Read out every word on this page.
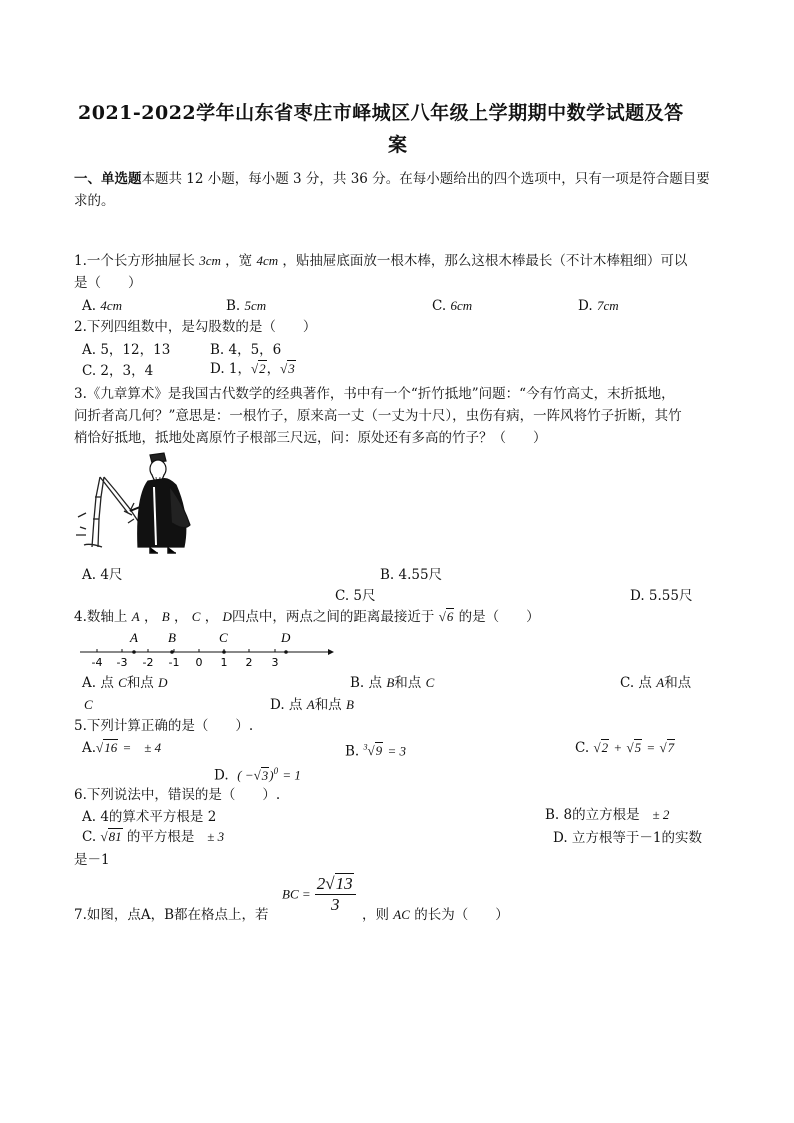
2021-2022学年山东省枣庄市峄城区八年级上学期期中数学试题及答
案
一、单选题本题共 12 小题，每小题 3 分，共 36 分。在每小题给出的四个选项中，只有一项是符合题目要
求的。
1.一个长方形抽屉长 3cm ，宽 4cm ，贴抽屉底面放一根木棒，那么这根木棒最长（不计木棒粗细）可以
是（　　）
A. 4cm	B. 5cm	C. 6cm	D. 7cm
2.下列四组数中，是勾股数的是（　　）
A. 5，12，13	B. 4，5，6
C. 2，3，4	D. 1，√2，√3
3.《九章算术》是我国古代数学的经典著作，书中有一个“折竹抵地”问题：“今有竹高丈，末折抵地，
问折者高几何？”意思是：一根竹子，原来高一丈（一丈为十尺），虫伤有病，一阵风将竹子折断，其竹
梢恰好抵地，抵地处离原竹子根部三尺远，问：原处还有多高的竹子？（　　）
A. 4尺	B. 4.55尺
C. 5尺	D. 5.55尺
4.数轴上 A ， B ， C ， D四点中，两点之间的距离最接近于 √6 的是（　　）
A B	C	D
-4 -3 -2 -1 0 1 2 3
A. 点 C和点 D	B. 点 B和点 C	C. 点 A和点
C	D. 点 A和点 B
5.下列计算正确的是（　　）.
A.√16 =　± 4	B. $^3$√9 = 3	C. √2 + √5 = √7
D. ( −√3)$^0$ = 1
6.下列说法中，错误的是（　　）.
A. 4的算术平方根是 2	B. 8的立方根是 ± 2
C. √81 的平方根是 ± 3	D. 立方根等于－1的实数
是－1
7.如图，点A，B都在格点上，若
BC = $\frac{2√13}{3}$ ，则 AC 的长为（　　）
